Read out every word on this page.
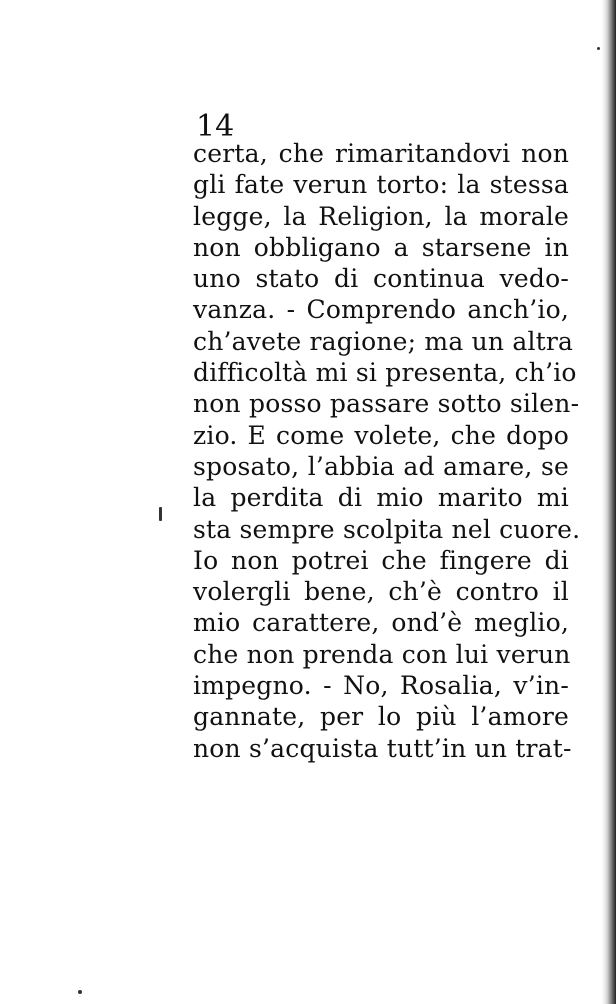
14
certa, che rimaritandovi non
gli fate verun torto: la stessa
legge, la Religion, la morale
non obbligano a starsene in
uno stato di continua vedo-
vanza. - Comprendo anch’io,
ch’avete ragione; ma un altra
difficoltà mi si presenta, ch’io
non posso passare sotto silen-
zio. E come volete, che dopo
sposato, l’abbia ad amare, se
la perdita di mio marito mi
sta sempre scolpita nel cuore.
Io non potrei che fingere di
volergli bene, ch’è contro il
mio carattere, ond’è meglio,
che non prenda con lui verun
impegno. - No, Rosalia, v’in-
gannate, per lo più l’amore
non s’acquista tutt’in un trat-
